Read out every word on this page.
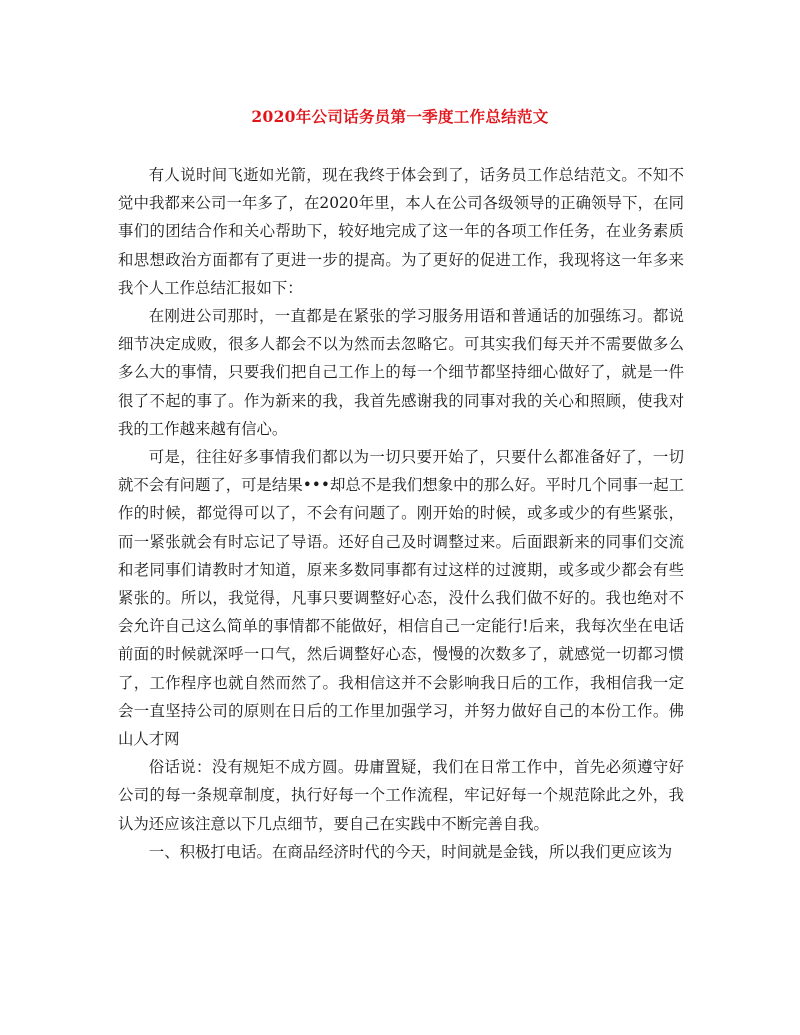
2020年公司话务员第一季度工作总结范文

有人说时间飞逝如光箭，现在我终于体会到了，话务员工作总结范文。不知不觉中我都来公司一年多了，在2020年里，本人在公司各级领导的正确领导下，在同事们的团结合作和关心帮助下，较好地完成了这一年的各项工作任务，在业务素质和思想政治方面都有了更进一步的提高。为了更好的促进工作，我现将这一年多来我个人工作总结汇报如下：

在刚进公司那时，一直都是在紧张的学习服务用语和普通话的加强练习。都说细节决定成败，很多人都会不以为然而去忽略它。可其实我们每天并不需要做多么多么大的事情，只要我们把自己工作上的每一个细节都坚持细心做好了，就是一件很了不起的事了。作为新来的我，我首先感谢我的同事对我的关心和照顾，使我对我的工作越来越有信心。

可是，往往好多事情我们都以为一切只要开始了，只要什么都准备好了，一切就不会有问题了，可是结果•••却总不是我们想象中的那么好。平时几个同事一起工作的时候，都觉得可以了，不会有问题了。刚开始的时候，或多或少的有些紧张，而一紧张就会有时忘记了导语。还好自己及时调整过来。后面跟新来的同事们交流和老同事们请教时才知道，原来多数同事都有过这样的过渡期，或多或少都会有些紧张的。所以，我觉得，凡事只要调整好心态，没什么我们做不好的。我也绝对不会允许自己这么简单的事情都不能做好，相信自己一定能行!后来，我每次坐在电话前面的时候就深呼一口气，然后调整好心态，慢慢的次数多了，就感觉一切都习惯了，工作程序也就自然而然了。我相信这并不会影响我日后的工作，我相信我一定会一直坚持公司的原则在日后的工作里加强学习，并努力做好自己的本份工作。佛山人才网

俗话说：没有规矩不成方圆。毋庸置疑，我们在日常工作中，首先必须遵守好公司的每一条规章制度，执行好每一个工作流程，牢记好每一个规范除此之外，我认为还应该注意以下几点细节，要自己在实践中不断完善自我。

一、积极打电话。在商品经济时代的今天，时间就是金钱，所以我们更应该为
